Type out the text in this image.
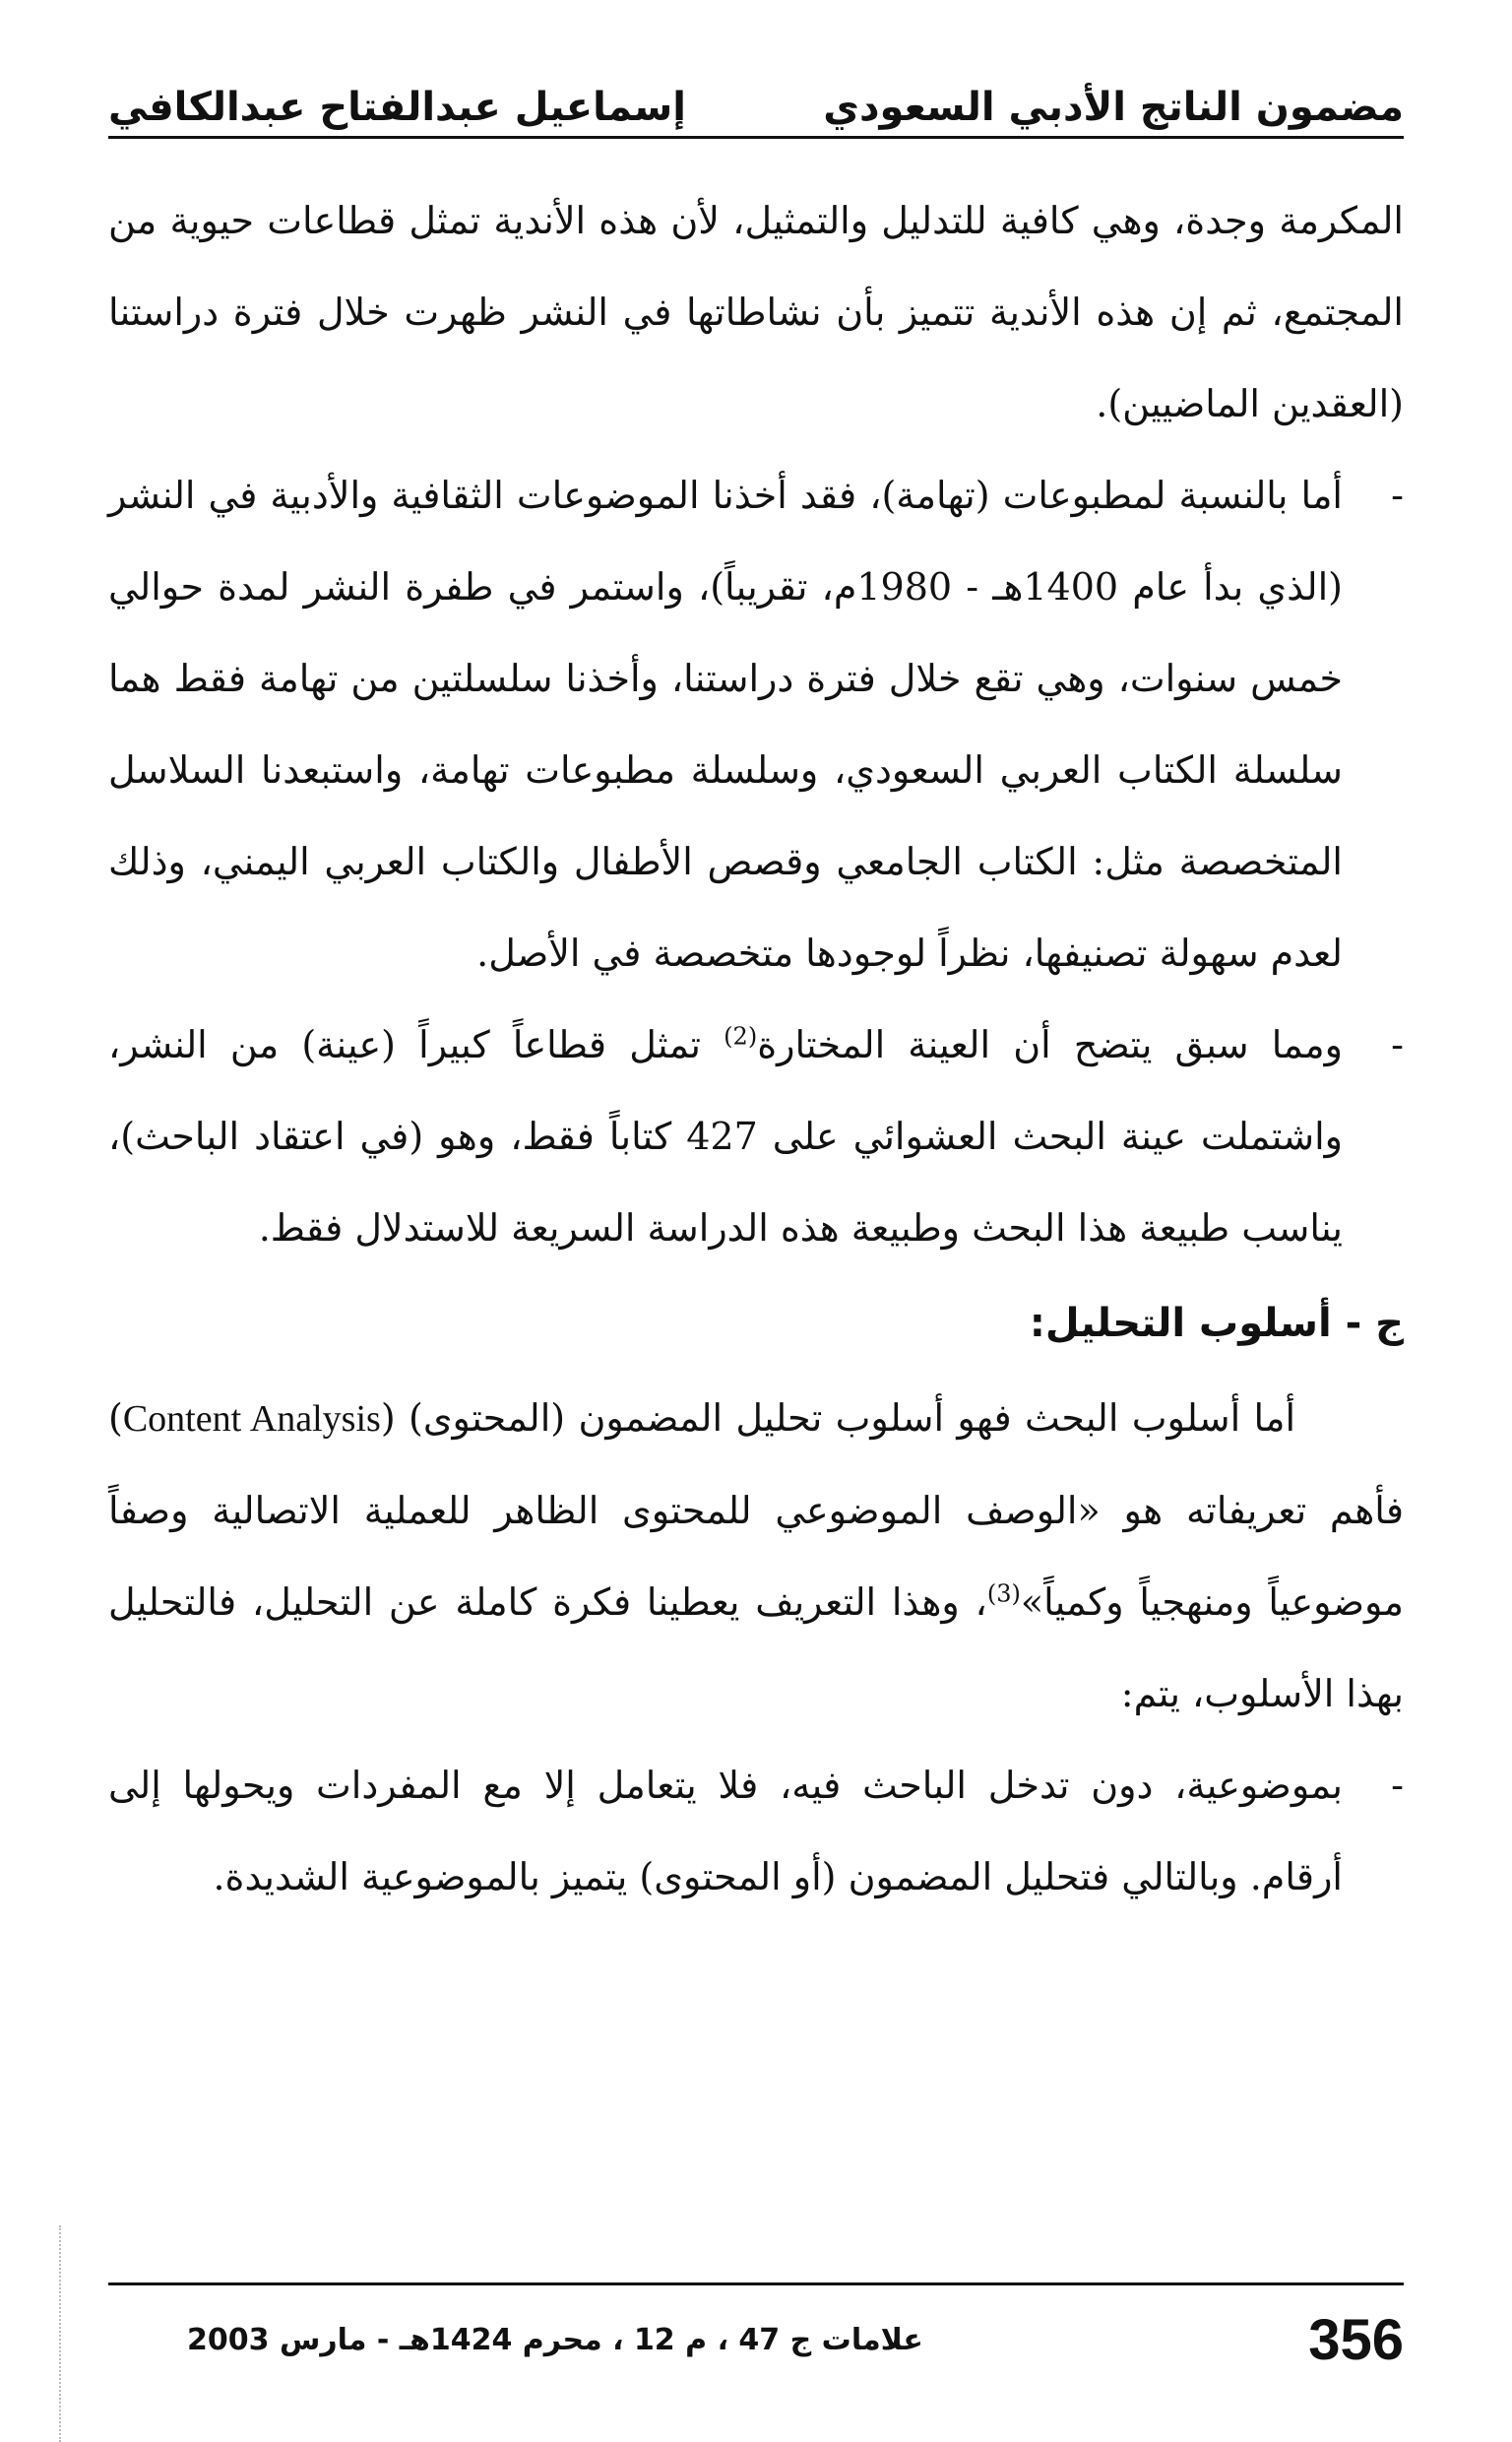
مضمون الناتج الأدبي السعودي
إسماعيل عبدالفتاح عبدالكافي

المكرمة وجدة، وهي كافية للتدليل والتمثيل، لأن هذه الأندية تمثل قطاعات حيوية من المجتمع، ثم إن هذه الأندية تتميز بأن نشاطاتها في النشر ظهرت خلال فترة دراستنا (العقدين الماضيين).

-
أما بالنسبة لمطبوعات (تهامة)، فقد أخذنا الموضوعات الثقافية والأدبية في النشر (الذي بدأ عام 1400هـ - 1980م، تقريباً)، واستمر في طفرة النشر لمدة حوالي خمس سنوات، وهي تقع خلال فترة دراستنا، وأخذنا سلسلتين من تهامة فقط هما سلسلة الكتاب العربي السعودي، وسلسلة مطبوعات تهامة، واستبعدنا السلاسل المتخصصة مثل: الكتاب الجامعي وقصص الأطفال والكتاب العربي اليمني، وذلك لعدم سهولة تصنيفها، نظراً لوجودها متخصصة في الأصل.

-
ومما سبق يتضح أن العينة المختارة$^{(2)}$ تمثل قطاعاً كبيراً (عينة) من النشر، واشتملت عينة البحث العشوائي على 427 كتاباً فقط، وهو (في اعتقاد الباحث)، يناسب طبيعة هذا البحث وطبيعة هذه الدراسة السريعة للاستدلال فقط.

ج - أسلوب التحليل:

أما أسلوب البحث فهو أسلوب تحليل المضمون (المحتوى) (Content Analysis) فأهم تعريفاته هو «الوصف الموضوعي للمحتوى الظاهر للعملية الاتصالية وصفاً موضوعياً ومنهجياً وكمياً»$^{(3)}$، وهذا التعريف يعطينا فكرة كاملة عن التحليل، فالتحليل بهذا الأسلوب، يتم:

-
بموضوعية، دون تدخل الباحث فيه، فلا يتعامل إلا مع المفردات ويحولها إلى أرقام. وبالتالي فتحليل المضمون (أو المحتوى) يتميز بالموضوعية الشديدة.

356
علامات ج 47 ، م 12 ، محرم 1424هـ - مارس 2003
